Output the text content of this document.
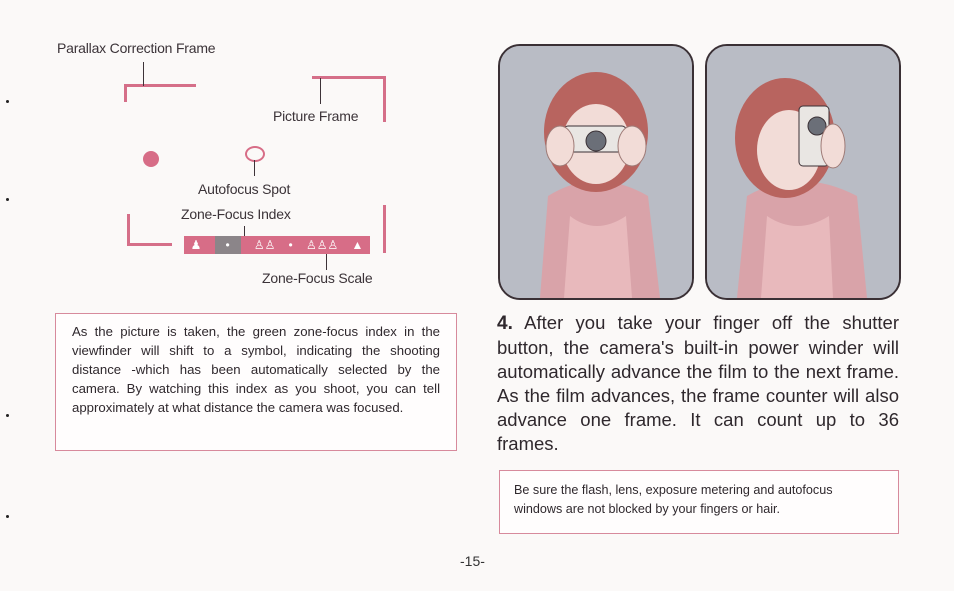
Parallax Correction Frame
Picture Frame
Autofocus Spot
Zone-Focus Index
♟	•	♙♙ • ♙♙♙ ▲
Zone-Focus Scale
As the picture is taken, the green zone-focus index in the viewfinder will shift to a symbol, indicating the shooting distance -which has been automatically selected by the camera. By watching this index as you shoot, you can tell approximately at what distance the camera was focused.
4. After you take your finger off the shutter button, the camera's built-in power winder will automatically advance the film to the next frame. As the film advances, the frame counter will also advance one frame. It can count up to 36 frames.
Be sure the flash, lens, exposure metering and autofocus windows are not blocked by your fingers or hair.
-15-
